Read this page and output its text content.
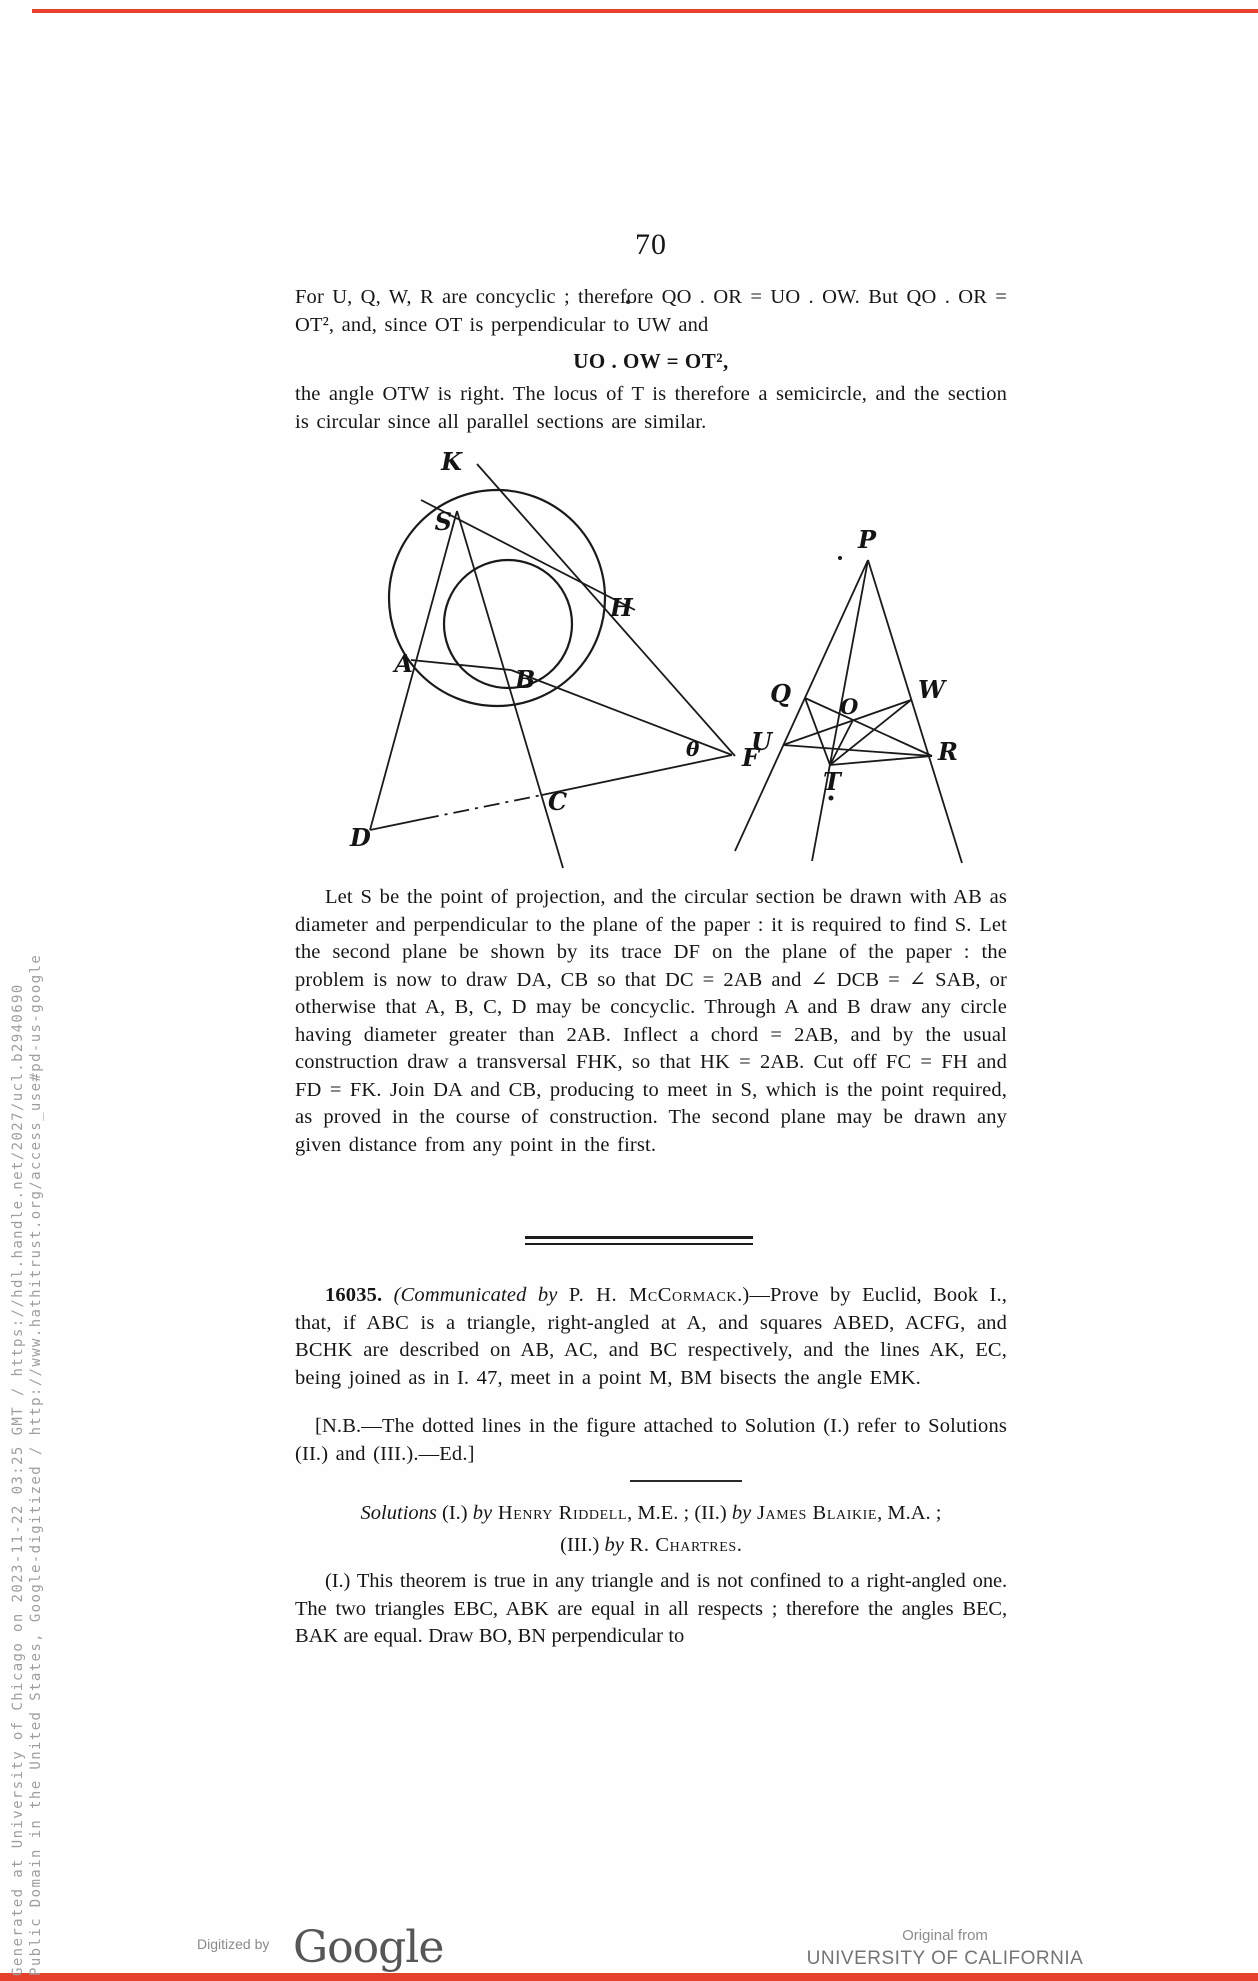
Generated at University of Chicago on 2023-11-22 03:25 GMT / https://hdl.handle.net/2027/ucl.b2940690 Public Domain in the United States, Google-digitized / http://www.hathitrust.org/access_use#pd-us-google
70

For U, Q, W, R are concyclic ; therefore QO . OR = UO . OW. But QO . OR = OT², and, since OT is perpendicular to UW and

UO . OW = OT²,

the angle OTW is right. The locus of T is therefore a semicircle, and the section is circular since all parallel sections are similar.

K
S
H
A
B
θ F
C
D
P
Q O
W
U
T
R

Let S be the point of projection, and the circular section be drawn with AB as diameter and perpendicular to the plane of the paper : it is required to find S. Let the second plane be shown by its trace DF on the plane of the paper : the problem is now to draw DA, CB so that DC = 2AB and ∠ DCB = ∠ SAB, or otherwise that A, B, C, D may be concyclic. Through A and B draw any circle having diameter greater than 2AB. Inflect a chord = 2AB, and by the usual construction draw a transversal FHK, so that HK = 2AB. Cut off FC = FH and FD = FK. Join DA and CB, producing to meet in S, which is the point required, as proved in the course of construction. The second plane may be drawn any given distance from any point in the first.

16035. (Communicated by P. H. McCormack.)—Prove by Euclid, Book I., that, if ABC is a triangle, right-angled at A, and squares ABED, ACFG, and BCHK are described on AB, AC, and BC respectively, and the lines AK, EC, being joined as in I. 47, meet in a point M, BM bisects the angle EMK.

[N.B.—The dotted lines in the figure attached to Solution (I.) refer to Solutions (II.) and (III.).—Ed.]

Solutions (I.) by Henry Riddell, M.E. ; (II.) by James Blaikie, M.A. ;
(III.) by R. Chartres.

(I.) This theorem is true in any triangle and is not confined to a right-angled one. The two triangles EBC, ABK are equal in all respects ; therefore the angles BEC, BAK are equal. Draw BO, BN perpendicular to

Digitized by Google	Original from
UNIVERSITY OF CALIFORNIA
